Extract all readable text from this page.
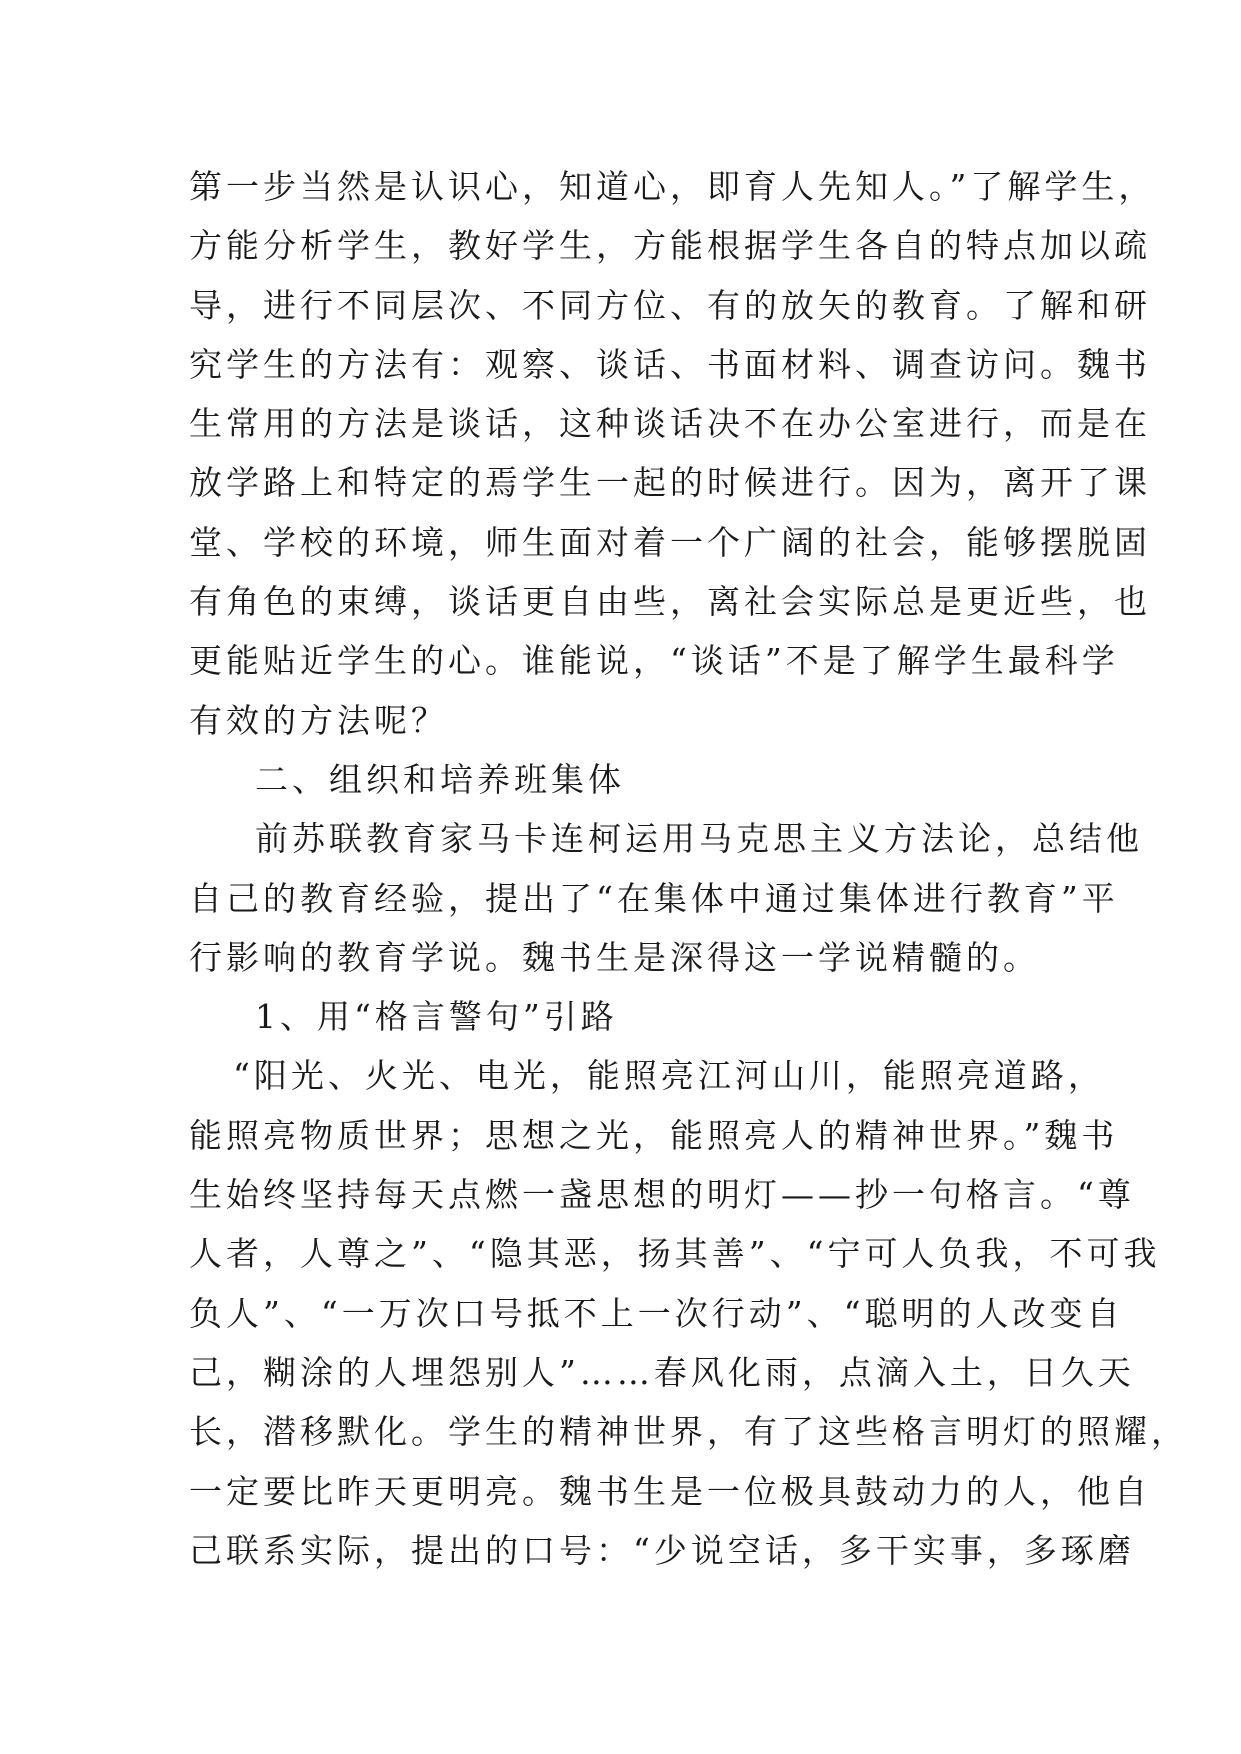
第一步当然是认识心，知道心，即育人先知人。”了解学生，
方能分析学生，教好学生，方能根据学生各自的特点加以疏
导，进行不同层次、不同方位、有的放矢的教育。了解和研
究学生的方法有：观察、谈话、书面材料、调查访问。魏书
生常用的方法是谈话，这种谈话决不在办公室进行，而是在
放学路上和特定的焉学生一起的时候进行。因为，离开了课
堂、学校的环境，师生面对着一个广阔的社会，能够摆脱固
有角色的束缚，谈话更自由些，离社会实际总是更近些，也
更能贴近学生的心。谁能说，“谈话”不是了解学生最科学
有效的方法呢？
二、组织和培养班集体
前苏联教育家马卡连柯运用马克思主义方法论，总结他
自己的教育经验，提出了“在集体中通过集体进行教育”平
行影响的教育学说。魏书生是深得这一学说精髓的。
1、用“格言警句”引路
“阳光、火光、电光，能照亮江河山川，能照亮道路，
能照亮物质世界；思想之光，能照亮人的精神世界。”魏书
生始终坚持每天点燃一盏思想的明灯——抄一句格言。“尊
人者，人尊之”、“隐其恶，扬其善”、“宁可人负我，不可我
负人”、“一万次口号抵不上一次行动”、“聪明的人改变自
己，糊涂的人埋怨别人”……春风化雨，点滴入土，日久天
长，潜移默化。学生的精神世界，有了这些格言明灯的照耀，
一定要比昨天更明亮。魏书生是一位极具鼓动力的人，他自
己联系实际，提出的口号：“少说空话，多干实事，多琢磨
